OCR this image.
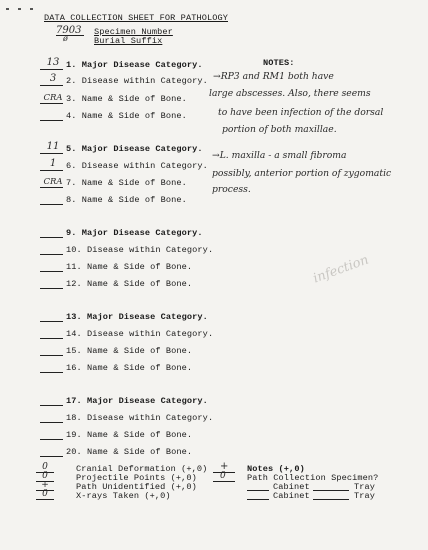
DATA COLLECTION SHEET FOR PATHOLOGY
7903 Specimen Number
ø	Burial Suffix
NOTES:
13 1. Major Disease Category.
3	2. Disease within Category.
CRA 3. Name & Side of Bone.
4. Name & Side of Bone.
11 5. Major Disease Category.
1	6. Disease within Category.
CRA 7. Name & Side of Bone.
8. Name & Side of Bone.
9. Major Disease Category.
10. Disease within Category.
11. Name & Side of Bone.
12. Name & Side of Bone.
13. Major Disease Category.
14. Disease within Category.
15. Name & Side of Bone.
16. Name & Side of Bone.
17. Major Disease Category.
18. Disease within Category.
19. Name & Side of Bone.
20. Name & Side of Bone.
→RP3 and RM1 both have
large abscesses. Also, there seems
to have been infection of the dorsal
portion of both maxillae.
→L. maxilla - a small fibroma
possibly, anterior portion of zygomatic
process.
infection
0	Cranial Deformation (+,0)
0	Projectile Points (+,0)
+	Path Unidentified (+,0)
0	X-rays Taken (+,0)
+ Notes (+,0)
0 Path Collection Specimen?
Cabinet	Tray
Cabinet	Tray
